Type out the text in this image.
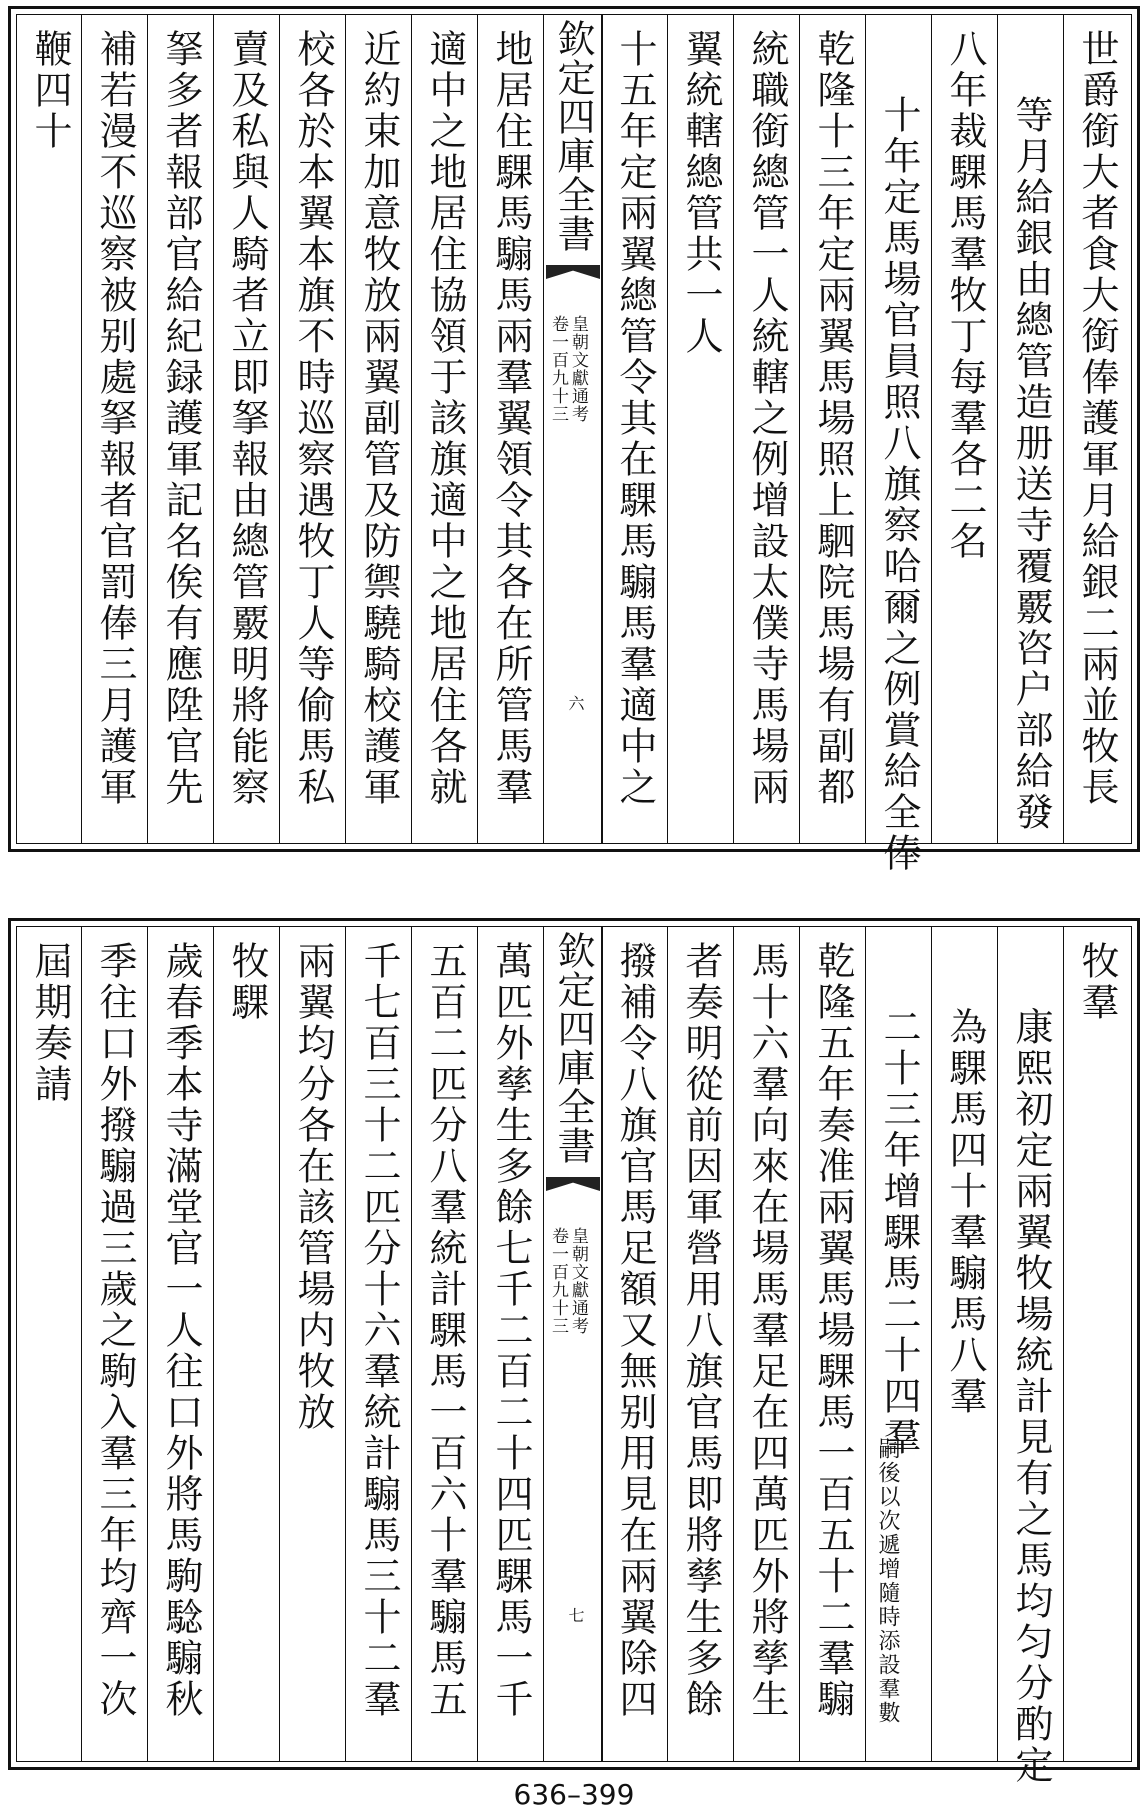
世爵銜大者食大銜俸護軍月給銀二兩並牧長
等月給銀由總管造册送寺覆覈咨户部給發
八年裁騍馬羣牧丁每羣各二名
十年定馬場官員照八旗察哈爾之例賞給全俸
乾隆十三年定兩翼馬場照上駟院馬場有副都
統職銜總管一人統轄之例增設太僕寺馬場兩
翼統轄總管共一人
十五年定兩翼總管令其在騍馬騸馬羣適中之
欽定四庫全書
皇朝文獻通考
卷一百九十三
六
地居住騍馬騸馬兩羣翼領令其各在所管馬羣
適中之地居住協領于該旗適中之地居住各就
近約束加意牧放兩翼副管及防禦驍騎校護軍
校各於本翼本旗不時巡察遇牧丁人等偷馬私
賣及私與人騎者立即拏報由總管覈明將能察
拏多者報部官給紀録護軍記名俟有應陞官先
補若漫不巡察被别處拏報者官罰俸三月護軍
鞭四十
牧羣
康熙初定兩翼牧場統計見有之馬均匀分酌定
為騍馬四十羣騸馬八羣
二十三年增騍馬二十四羣
嗣後以次遞增隨時添設羣數
乾隆五年奏准兩翼馬場騍馬一百五十二羣騸
馬十六羣向來在場馬羣足在四萬匹外將孳生
者奏明從前因軍營用八旗官馬即將孳生多餘
撥補令八旗官馬足額又無别用見在兩翼除四
欽定四庫全書
皇朝文獻通考
卷一百九十三
七
萬匹外孳生多餘七千二百二十四匹騍馬一千
五百二匹分八羣統計騍馬一百六十羣騸馬五
千七百三十二匹分十六羣統計騸馬三十二羣
兩翼均分各在該管場内牧放
牧騍
歲春季本寺滿堂官一人往口外將馬駒騐騸秋
季往口外撥騸過三歲之駒入羣三年均齊一次
屆期奏請
636–399
